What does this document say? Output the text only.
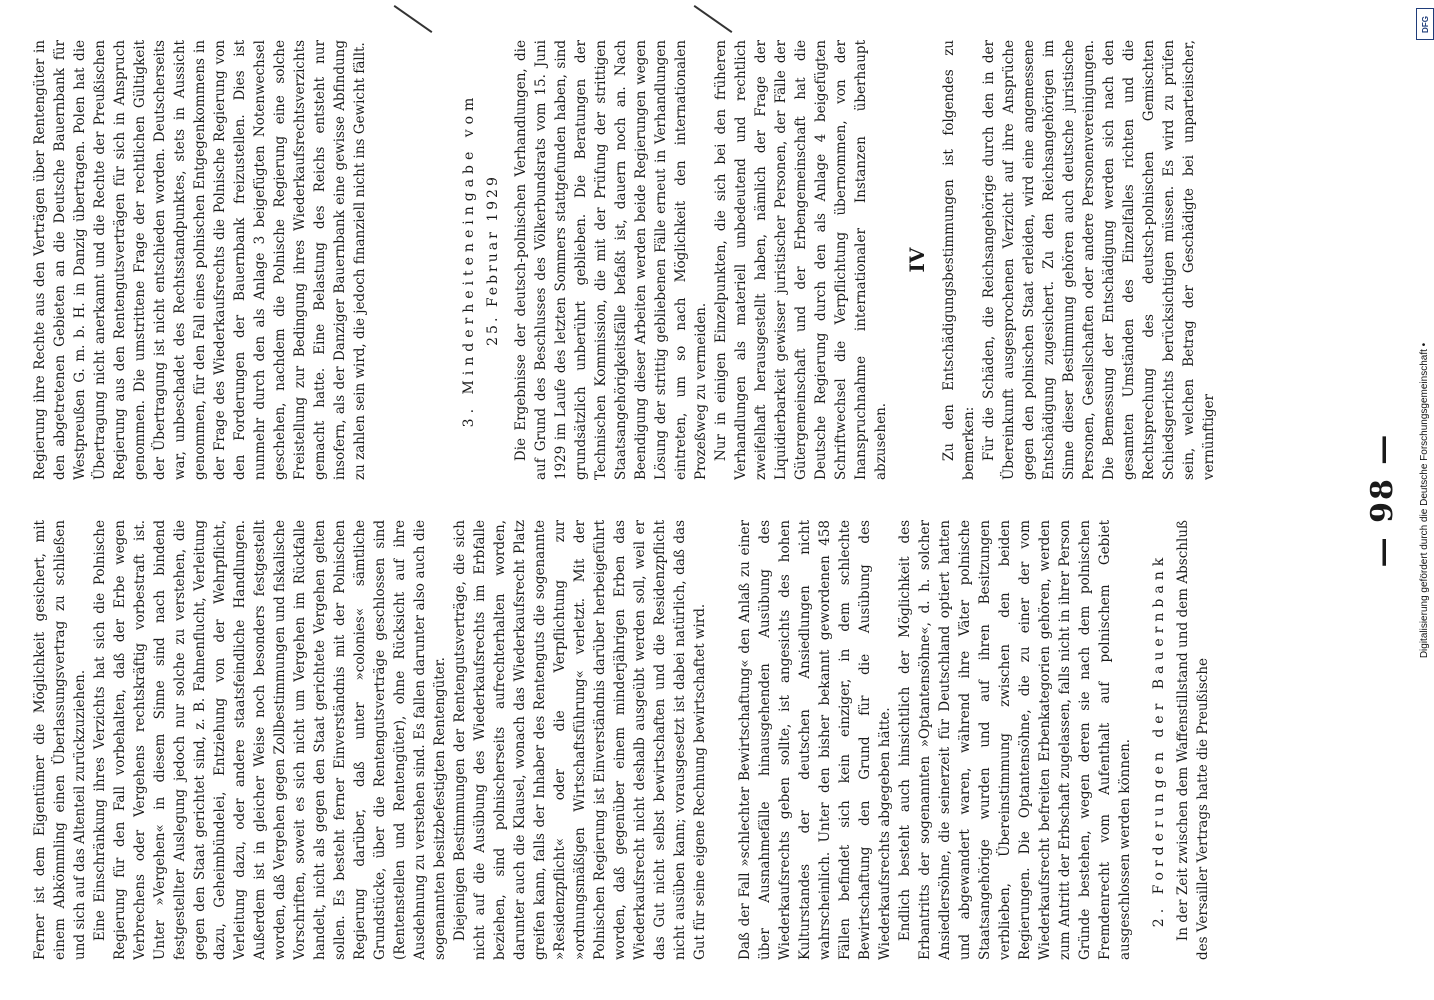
— 98 —

Ferner ist dem Eigentümer die Möglichkeit gesichert, mit einem Abkömmling einen Überlassungsvertrag zu schließen und sich auf das Altenteil zurückzuziehen. Eine Einschränkung ihres Verzichts hat sich die Polnische Regierung für den Fall vorbehalten, daß der Erbe wegen Verbrechens oder Vergehens rechtskräftig vorbestraft ist. Unter »Vergehen« in diesem Sinne sind nach bindend festgestellter Auslegung jedoch nur solche zu verstehen, die gegen den Staat gerichtet sind, z. B. Fahnenflucht, Verleitung dazu, Geheimbündelei, Entziehung von der Wehrpflicht, Verleitung dazu, oder andere staatsfeindliche Handlungen. Außerdem ist in gleicher Weise noch besonders festgestellt worden, daß Vergehen gegen Zollbestimmungen und fiskalische Vorschriften, soweit es sich nicht um Vergehen im Rückfalle handelt, nicht als gegen den Staat gerichtete Vergehen gelten sollen. Es besteht ferner Einverständnis mit der Polnischen Regierung darüber, daß unter »colonies« sämtliche Grundstücke, über die Rentengutsverträge geschlossen sind (Rentenstellen und Rentengüter), ohne Rücksicht auf ihre Ausdehnung zu verstehen sind. Es fallen darunter also auch die sogenannten besitzbefestigten Rentengüter. Diejenigen Bestimmungen der Rentengutsverträge, die sich nicht auf die Ausübung des Wiederkaufsrechts im Erbfalle beziehen, sind polnischerseits aufrechterhalten worden, darunter auch die Klausel, wonach das Wiederkaufsrecht Platz greifen kann, falls der Inhaber des Rentenguts die sogenannte »Residenzpflicht« oder die Verpflichtung zur »ordnungsmäßigen Wirtschaftsführung« verletzt. Mit der Polnischen Regierung ist Einverständnis darüber herbeigeführt worden, daß gegenüber einem minderjährigen Erben das Wiederkaufsrecht nicht deshalb ausgeübt werden soll, weil er das Gut nicht selbst bewirtschaften und die Residenzpflicht nicht ausüben kann; vorausgesetzt ist dabei natürlich, daß das Gut für seine eigene Rechnung bewirtschaftet wird. Daß der Fall »schlechter Bewirtschaftung« den Anlaß zu einer über Ausnahmefälle hinausgehenden Ausübung des Wiederkaufsrechts geben sollte, ist angesichts des hohen Kulturstandes der deutschen Ansiedlungen nicht wahrscheinlich. Unter den bisher bekannt gewordenen 458 Fällen befindet sich kein einziger, in dem schlechte Bewirtschaftung den Grund für die Ausübung des Wiederkaufsrechts abgegeben hätte. Endlich besteht auch hinsichtlich der Möglichkeit des Erbantritts der sogenannten »Optantensöhne«, d. h. solcher Ansiedlersöhne, die seinerzeit für Deutschland optiert hatten und abgewandert waren, während ihre Väter polnische Staatsangehörige wurden und auf ihren Besitzungen verblieben, Übereinstimmung zwischen den beiden Regierungen. Die Optantensöhne, die zu einer der vom Wiederkaufsrecht befreiten Erbenkategorien gehören, werden zum Antritt der Erbschaft zugelassen, falls nicht in ihrer Person Gründe bestehen, wegen deren sie nach dem polnischen Fremdenrecht vom Aufenthalt auf polnischem Gebiet ausgeschlossen werden können. 2. Forderungen der Bauernbank In der Zeit zwischen dem Waffenstillstand und dem Abschluß des Versailler Vertrags hatte die Preußische

Regierung ihre Rechte aus den Verträgen über Rentengüter in den abgetretenen Gebieten an die Deutsche Bauernbank für Westpreußen G. m. b. H. in Danzig übertragen. Polen hat die Übertragung nicht anerkannt und die Rechte der Preußischen Regierung aus den Rentengutsverträgen für sich in Anspruch genommen. Die umstrittene Frage der rechtlichen Gültigkeit der Übertragung ist nicht entschieden worden. Deutscherseits war, unbeschadet des Rechtsstandpunktes, stets in Aussicht genommen, für den Fall eines polnischen Entgegenkommens in der Frage des Wiederkaufsrechts die Polnische Regierung von den Forderungen der Bauernbank freizustellen. Dies ist nunmehr durch den als Anlage 3 beigefügten Notenwechsel geschehen, nachdem die Polnische Regierung eine solche Freistellung zur Bedingung ihres Wiederkaufsrechtsverzichts gemacht hatte. Eine Belastung des Reichs entsteht nur insofern, als der Danziger Bauernbank eine gewisse Abfindung zu zahlen sein wird, die jedoch finanziell nicht ins Gewicht fällt.	3. Minderheiteneingabe vom 25. Februar 1929 Die Ergebnisse der deutsch-polnischen Verhandlungen, die auf Grund des Beschlusses des Völkerbundsrats vom 15. Juni 1929 im Laufe des letzten Sommers stattgefunden haben, sind grundsätzlich unberührt geblieben. Die Beratungen der Technischen Kommission, die mit der Prüfung der strittigen Staatsangehörigkeitsfälle befaßt ist, dauern noch an. Nach Beendigung dieser Arbeiten werden beide Regierungen wegen Lösung der strittig gebliebenen Fälle erneut in Verhandlungen eintreten, um so nach Möglichkeit den internationalen Prozeßweg zu vermeiden. Nur in einigen Einzelpunkten, die sich bei den früheren Verhandlungen als materiell unbedeutend und rechtlich zweifelhaft herausgestellt haben, nämlich der Frage der Liquidierbarkeit gewisser juristischer Personen, der Fälle der Gütergemeinschaft und der Erbengemeinschaft hat die Deutsche Regierung durch den als Anlage 4 beigefügten Schriftwechsel die Verpflichtung übernommen, von der Inanspruchnahme internationaler Instanzen überhaupt abzusehen.

IV Zu den Entschädigungsbestimmungen ist folgendes zu bemerken: Für die Schäden, die Reichsangehörige durch den in der Übereinkunft ausgesprochenen Verzicht auf ihre Ansprüche gegen den polnischen Staat erleiden, wird eine angemessene Entschädigung zugesichert. Zu den Reichsangehörigen im Sinne dieser Bestimmung gehören auch deutsche juristische Personen, Gesellschaften oder andere Personenvereinigungen. Die Bemessung der Entschädigung werden sich nach den gesamten Umständen des Einzelfalles richten und die Rechtsprechung des deutsch-polnischen Gemischten Schiedsgerichts berücksichtigen müssen. Es wird zu prüfen sein, welchen Betrag der Geschädigte bei unparteiischer, vernünftiger

DFG
Digitalisierung gefördert durch die Deutsche Forschungsgemeinschaft •
